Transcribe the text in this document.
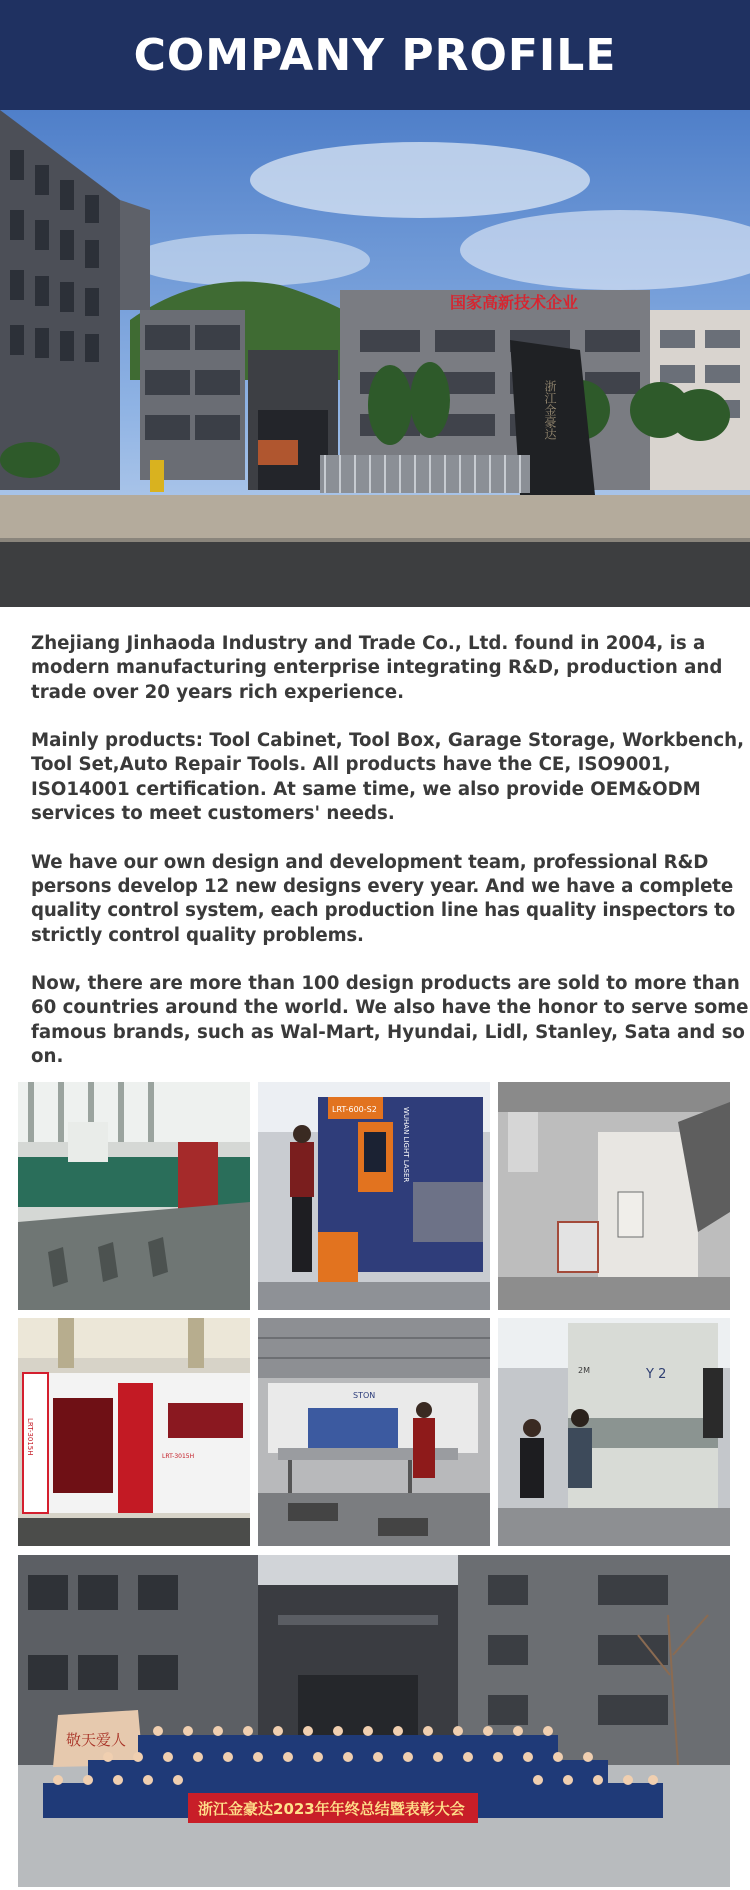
COMPANY PROFILE
国家高新技术企业
浙江金豪达

Zhejiang Jinhaoda Industry and Trade Co., Ltd. found in 2004, is a modern manufacturing enterprise integrating R&D, production and trade over 20 years rich experience.

Mainly products: Tool Cabinet, Tool Box, Garage Storage, Workbench, Tool Set,Auto Repair Tools. All products have the CE, ISO9001, ISO14001 certification. At same time, we also provide OEM&ODM services to meet customers' needs.

We have our own design and development team, professional R&D persons develop 12 new designs every year. And we have a complete quality control system, each production line has quality inspectors to strictly control quality problems.

Now, there are more than 100 design products are sold to more than 60 countries around the world. We also have the honor to serve some famous brands, such as Wal-Mart, Hyundai, Lidl, Stanley, Sata and so on.

LRT-600-S2	WUHAN LIGHT LASER
LRT-3015H
LRT-3015H
STON
Y 2
2M
敬天爱人
浙江金豪达2023年年终总结暨表彰大会
